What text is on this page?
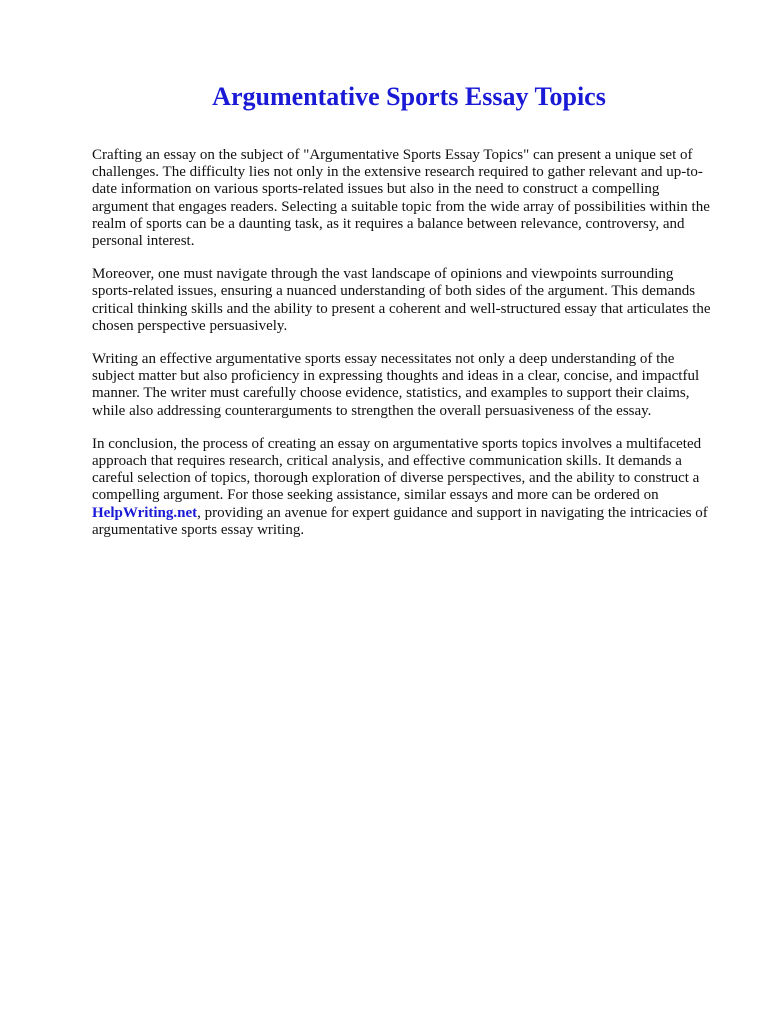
Argumentative Sports Essay Topics

Crafting an essay on the subject of "Argumentative Sports Essay Topics" can present a unique set of challenges. The difficulty lies not only in the extensive research required to gather relevant and up-to-date information on various sports-related issues but also in the need to construct a compelling argument that engages readers. Selecting a suitable topic from the wide array of possibilities within the realm of sports can be a daunting task, as it requires a balance between relevance, controversy, and personal interest.

Moreover, one must navigate through the vast landscape of opinions and viewpoints surrounding sports-related issues, ensuring a nuanced understanding of both sides of the argument. This demands critical thinking skills and the ability to present a coherent and well-structured essay that articulates the chosen perspective persuasively.

Writing an effective argumentative sports essay necessitates not only a deep understanding of the subject matter but also proficiency in expressing thoughts and ideas in a clear, concise, and impactful manner. The writer must carefully choose evidence, statistics, and examples to support their claims, while also addressing counterarguments to strengthen the overall persuasiveness of the essay.

In conclusion, the process of creating an essay on argumentative sports topics involves a multifaceted approach that requires research, critical analysis, and effective communication skills. It demands a careful selection of topics, thorough exploration of diverse perspectives, and the ability to construct a compelling argument. For those seeking assistance, similar essays and more can be ordered on HelpWriting.net, providing an avenue for expert guidance and support in navigating the intricacies of argumentative sports essay writing.
